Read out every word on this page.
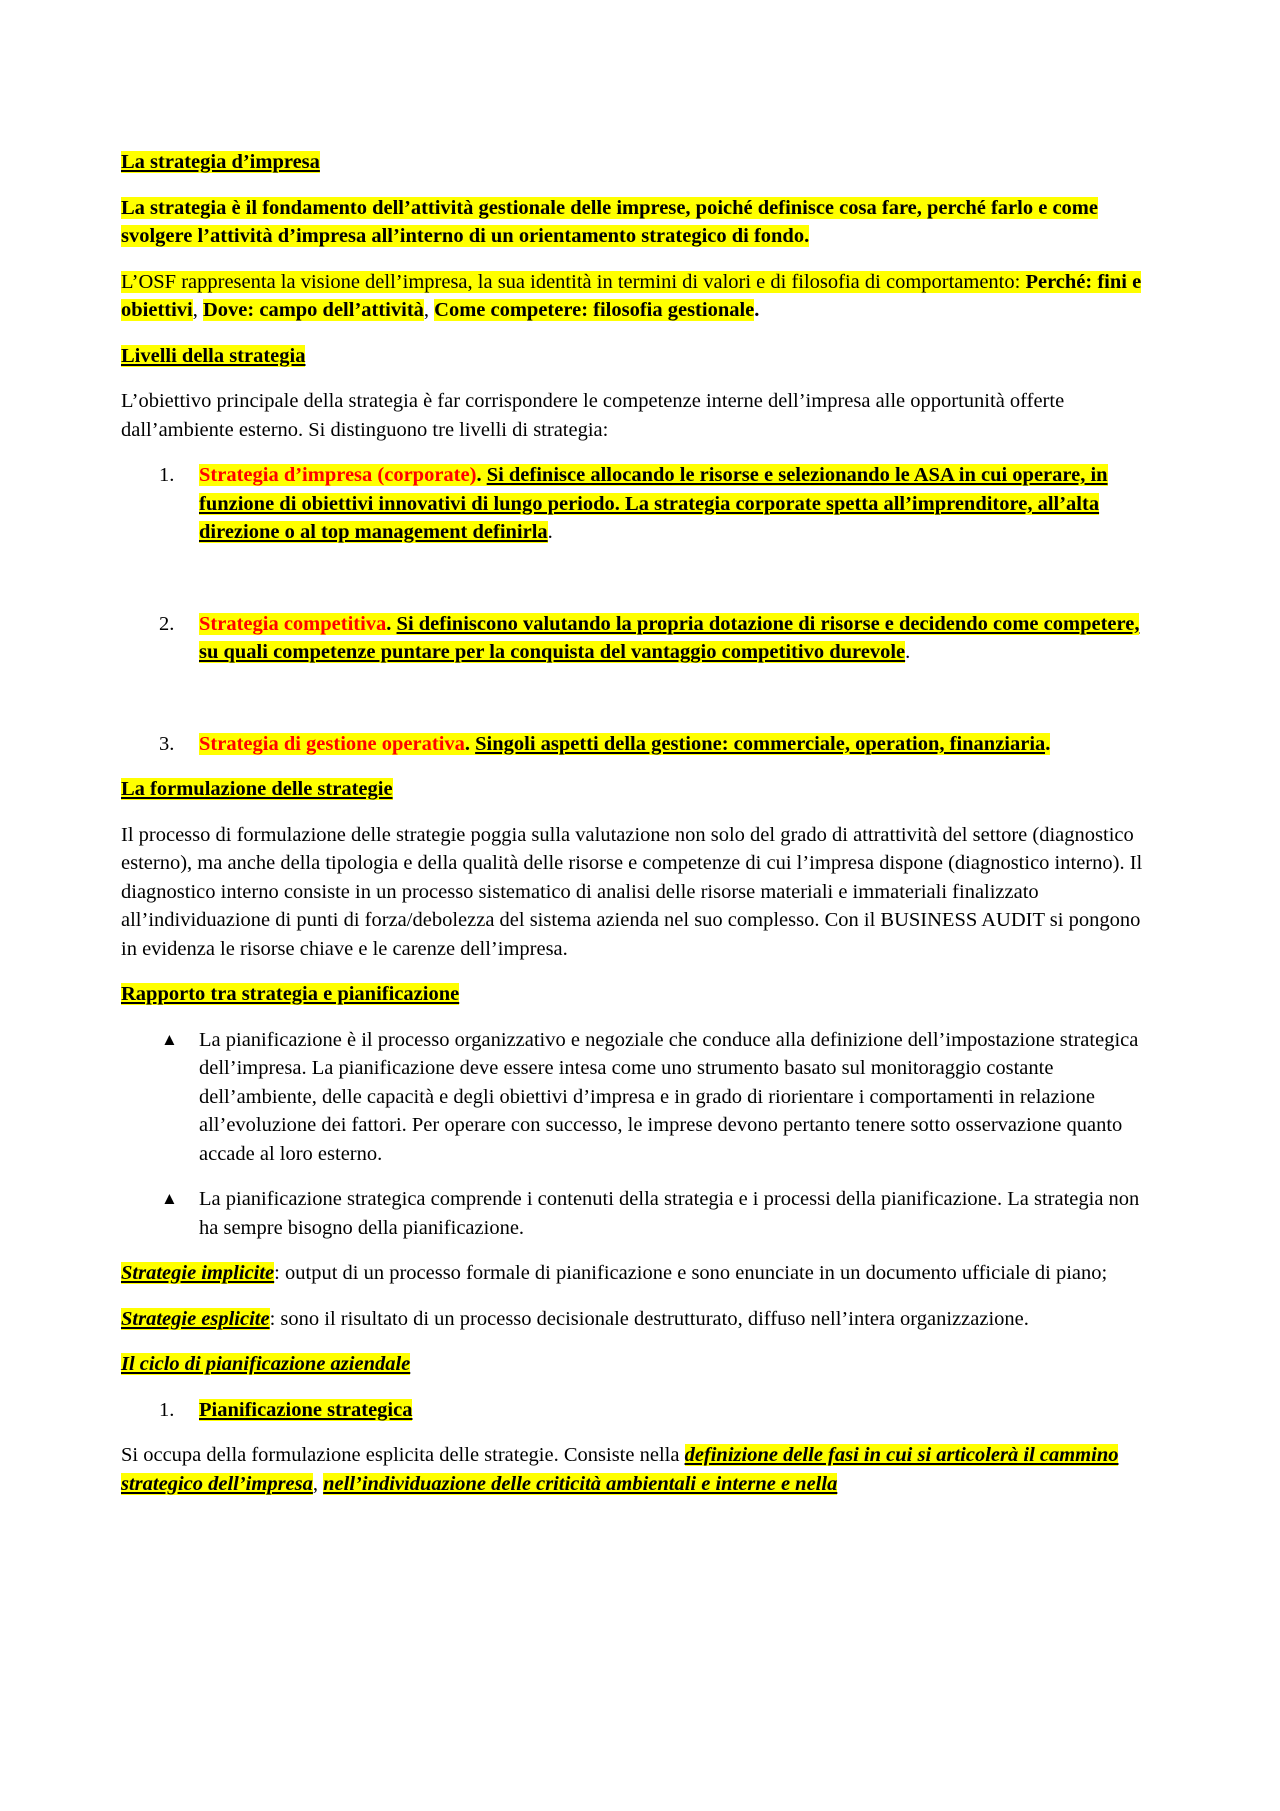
La strategia d’impresa

La strategia è il fondamento dell’attività gestionale delle imprese, poiché definisce cosa fare, perché farlo e come svolgere l’attività d’impresa all’interno di un orientamento strategico di fondo.

L’OSF rappresenta la visione dell’impresa, la sua identità in termini di valori e di filosofia di comportamento: Perché: fini e obiettivi, Dove: campo dell’attività, Come competere: filosofia gestionale.

Livelli della strategia

L’obiettivo principale della strategia è far corrispondere le competenze interne dell’impresa alle opportunità offerte dall’ambiente esterno. Si distinguono tre livelli di strategia:

1. Strategia d’impresa (corporate). Si definisce allocando le risorse e selezionando le ASA in cui operare, in funzione di obiettivi innovativi di lungo periodo. La strategia corporate spetta all’imprenditore, all’alta direzione o al top management definirla.
2. Strategia competitiva. Si definiscono valutando la propria dotazione di risorse e decidendo come competere, su quali competenze puntare per la conquista del vantaggio competitivo durevole.
3. Strategia di gestione operativa. Singoli aspetti della gestione: commerciale, operation, finanziaria.

La formulazione delle strategie

Il processo di formulazione delle strategie poggia sulla valutazione non solo del grado di attrattività del settore (diagnostico esterno), ma anche della tipologia e della qualità delle risorse e competenze di cui l’impresa dispone (diagnostico interno). Il diagnostico interno consiste in un processo sistematico di analisi delle risorse materiali e immateriali finalizzato all’individuazione di punti di forza/debolezza del sistema azienda nel suo complesso. Con il BUSINESS AUDIT si pongono in evidenza le risorse chiave e le carenze dell’impresa.

Rapporto tra strategia e pianificazione

▲ La pianificazione è il processo organizzativo e negoziale che conduce alla definizione dell’impostazione strategica dell’impresa. La pianificazione deve essere intesa come uno strumento basato sul monitoraggio costante dell’ambiente, delle capacità e degli obiettivi d’impresa e in grado di riorientare i comportamenti in relazione all’evoluzione dei fattori. Per operare con successo, le imprese devono pertanto tenere sotto osservazione quanto accade al loro esterno.
▲ La pianificazione strategica comprende i contenuti della strategia e i processi della pianificazione. La strategia non ha sempre bisogno della pianificazione.

Strategie implicite: output di un processo formale di pianificazione e sono enunciate in un documento ufficiale di piano;

Strategie esplicite: sono il risultato di un processo decisionale destrutturato, diffuso nell’intera organizzazione.

Il ciclo di pianificazione aziendale

1. Pianificazione strategica

Si occupa della formulazione esplicita delle strategie. Consiste nella definizione delle fasi in cui si articolerà il cammino strategico dell’impresa, nell’individuazione delle criticità ambientali e interne e nella
